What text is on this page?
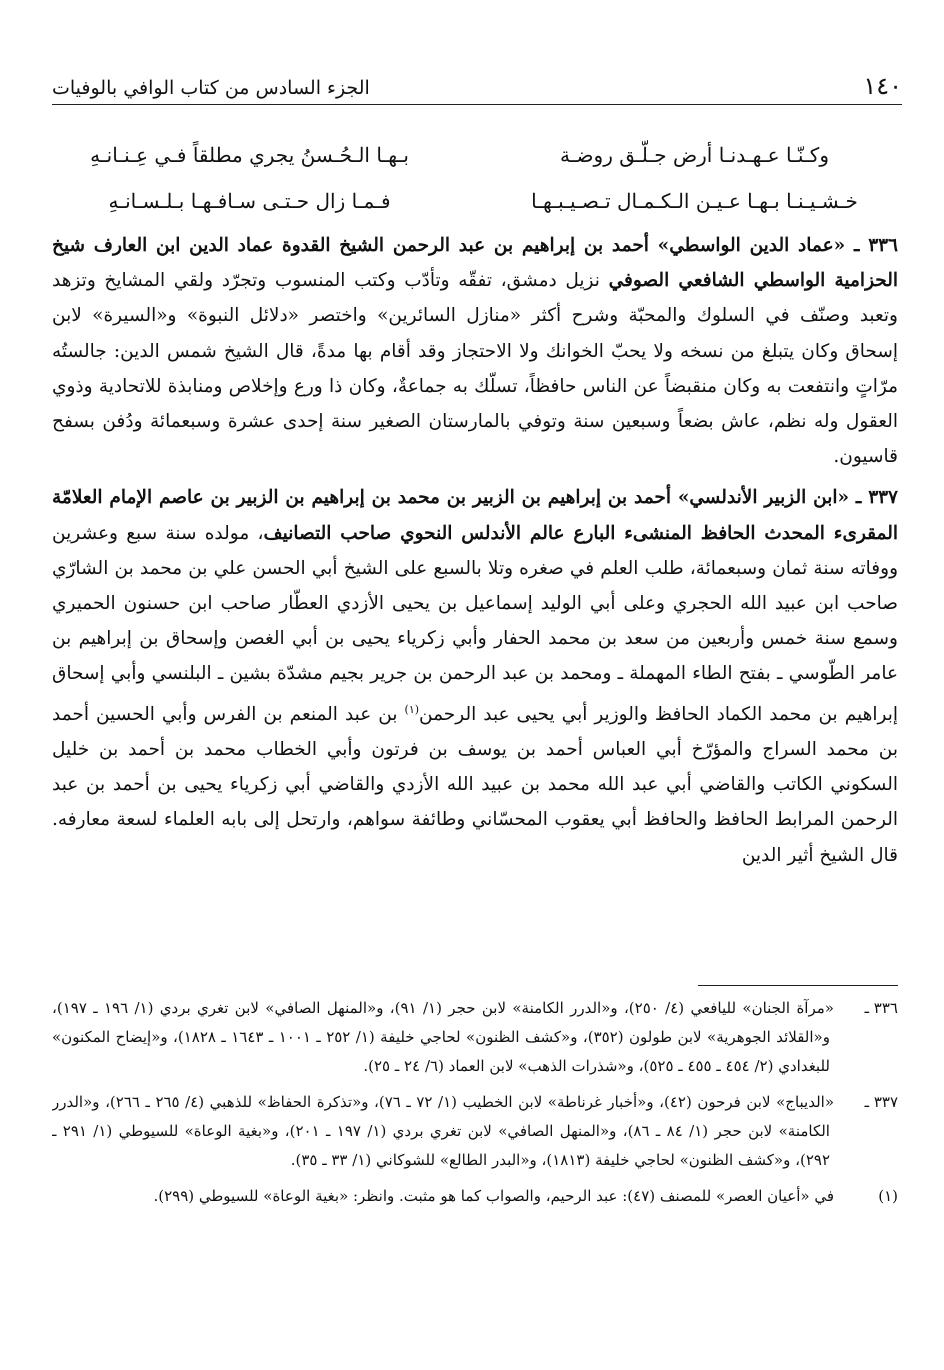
١٤٠
الجزء السادس من كتاب الوافي بالوفيات
وكـنّـا عـهـدنـا أرض جـلّـق روضـة
بـهـا الـحُـسنُ يجري مطلقاً فـي عِـنـانـهِ
خـشـيـنـا بـهـا عـيـن الـكـمـال تـصـيـبـهـا
فـمـا زال حـتـى سـافـهـا بـلـسـانـهِ

٣٣٦ ـ «عماد الدين الواسطي» أحمد بن إبراهيم بن عبد الرحمن الشيخ القدوة عماد الدين ابن العارف شيخ الحزامية الواسطي الشافعي الصوفي نزيل دمشق، تفقّه وتأدّب وكتب المنسوب وتجرّد ولقي المشايخ وتزهد وتعبد وصنّف في السلوك والمحبّة وشرح أكثر «منازل السائرين» واختصر «دلائل النبوة» و«السيرة» لابن إسحاق وكان يتبلغ من نسخه ولا يحبّ الخوانك ولا الاحتجاز وقد أقام بها مدةً، قال الشيخ شمس الدين: جالستُه مرّاتٍ وانتفعت به وكان منقبضاً عن الناس حافظاً، تسلّك به جماعةٌ، وكان ذا ورع وإخلاص ومنابذة للاتحادية وذوي العقول وله نظم، عاش بضعاً وسبعين سنة وتوفي بالمارستان الصغير سنة إحدى عشرة وسبعمائة ودُفن بسفح قاسيون.

٣٣٧ ـ «ابن الزبير الأندلسي» أحمد بن إبراهيم بن الزبير بن محمد بن إبراهيم بن الزبير بن عاصم الإمام العلامّة المقرىء المحدث الحافظ المنشىء البارع عالم الأندلس النحوي صاحب التصانيف، مولده سنة سبع وعشرين ووفاته سنة ثمان وسبعمائة، طلب العلم في صغره وتلا بالسبع على الشيخ أبي الحسن علي بن محمد بن الشارّي صاحب ابن عبيد الله الحجري وعلى أبي الوليد إسماعيل بن يحيى الأزدي العطّار صاحب ابن حسنون الحميري وسمع سنة خمس وأربعين من سعد بن محمد الحفار وأبي زكرياء يحيى بن أبي الغصن وإسحاق بن إبراهيم بن عامر الطّوسي ـ بفتح الطاء المهملة ـ ومحمد بن عبد الرحمن بن جرير بجيم مشدّة بشين ـ البلنسي وأبي إسحاق إبراهيم بن محمد الكماد الحافظ والوزير أبي يحيى عبد الرحمن$^{(١)}$ بن عبد المنعم بن الفرس وأبي الحسين أحمد بن محمد السراج والمؤرّخ أبي العباس أحمد بن يوسف بن فرتون وأبي الخطاب محمد بن أحمد بن خليل السكوني الكاتب والقاضي أبي عبد الله محمد بن عبيد الله الأزدي والقاضي أبي زكرياء يحيى بن أحمد بن عبد الرحمن المرابط الحافظ والحافظ أبي يعقوب المحسّاني وطائفة سواهم، وارتحل إلى بابه العلماء لسعة معارفه. قال الشيخ أثير الدين

٣٣٦ ـ«مرآة الجنان» لليافعي (٤/ ٢٥٠)، و«الدرر الكامنة» لابن حجر (١/ ٩١)، و«المنهل الصافي» لابن تغري بردي (١/ ١٩٦ ـ ١٩٧)، و«القلائد الجوهرية» لابن طولون (٣٥٢)، و«كشف الظنون» لحاجي خليفة (١/ ٢٥٢ ـ ١٠٠١ ـ ١٦٤٣ ـ ١٨٢٨)، و«إيضاح المكنون» للبغدادي (٢/ ٤٥٤ ـ ٤٥٥ ـ ٥٢٥)، و«شذرات الذهب» لابن العماد (٦/ ٢٤ ـ ٢٥).

٣٣٧ ـ«الديباج» لابن فرحون (٤٢)، و«أخبار غرناطة» لابن الخطيب (١/ ٧٢ ـ ٧٦)، و«تذكرة الحفاظ» للذهبي (٤/ ٢٦٥ ـ ٢٦٦)، و«الدرر الكامنة» لابن حجر (١/ ٨٤ ـ ٨٦)، و«المنهل الصافي» لابن تغري بردي (١/ ١٩٧ ـ ٢٠١)، و«بغية الوعاة» للسيوطي (١/ ٢٩١ ـ ٢٩٢)، و«كشف الظنون» لحاجي خليفة (١٨١٣)، و«البدر الطالع» للشوكاني (١/ ٣٣ ـ ٣٥).

(١)في «أعيان العصر» للمصنف (٤٧): عبد الرحيم، والصواب كما هو مثبت. وانظر: «بغية الوعاة» للسيوطي (٢٩٩).
